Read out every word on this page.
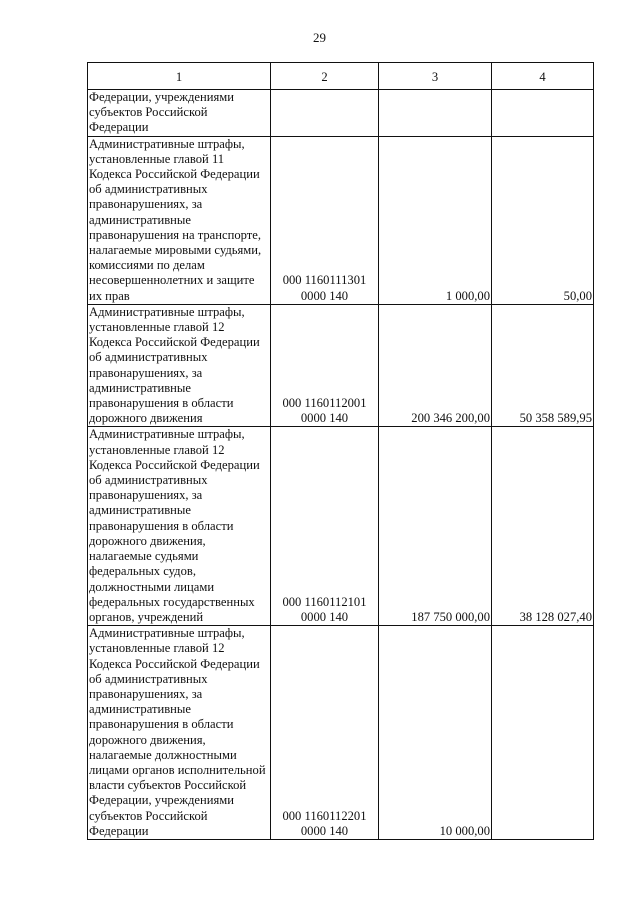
29
1	2	3	4
Федерации, учреждениями субъектов Российской Федерации	

Административные штрафы, установленные главой 11 Кодекса Российской Федерации об административных правонарушениях, за административные правонарушения на транспорте, налагаемые мировыми судьями, комиссиями по делам несовершеннолетних и защите их прав	000 1160111301
0000 140	1 000,00	50,00
Административные штрафы, установленные главой 12 Кодекса Российской Федерации об административных правонарушениях, за административные правонарушения в области дорожного движения	000 1160112001
0000 140	200 346 200,00	50 358 589,95
Административные штрафы, установленные главой 12 Кодекса Российской Федерации об административных правонарушениях, за административные правонарушения в области дорожного движения, налагаемые судьями федеральных судов, должностными лицами федеральных государственных органов, учреждений	000 1160112101
0000 140	187 750 000,00	38 128 027,40
Административные штрафы, установленные главой 12 Кодекса Российской Федерации об административных правонарушениях, за административные правонарушения в области дорожного движения, налагаемые должностными лицами органов исполнительной власти субъектов Российской Федерации, учреждениями субъектов Российской Федерации	000 1160112201
0000 140	10 000,00	
